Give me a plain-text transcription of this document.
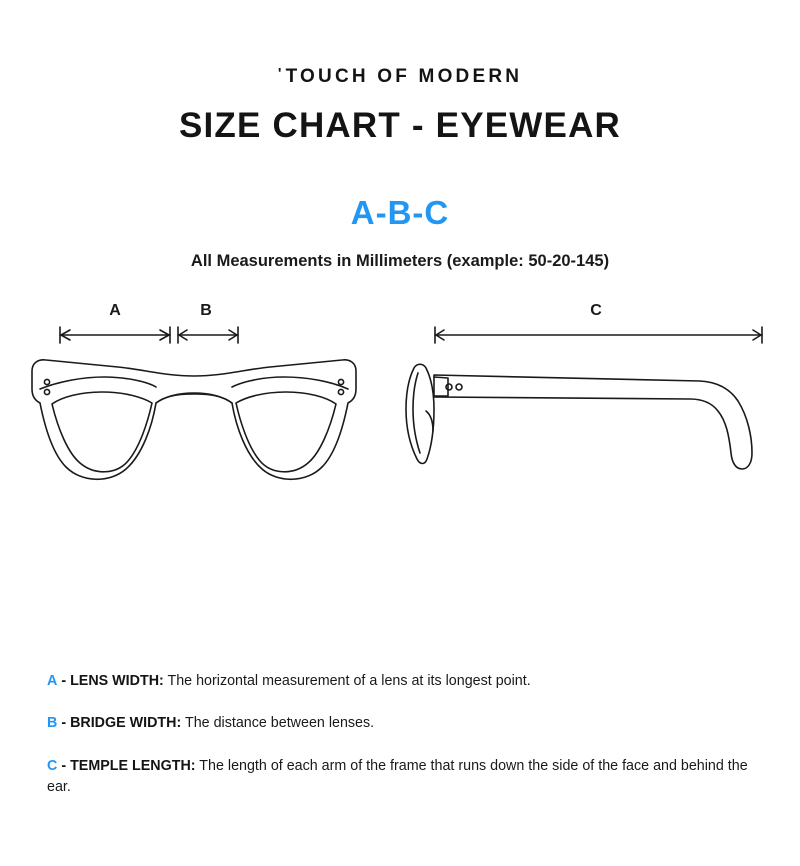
'TOUCH OF MODERN
SIZE CHART - EYEWEAR
A-B-C
All Measurements in Millimeters (example: 50-20-145)
A	B	C
A - LENS WIDTH: The horizontal measurement of a lens at its longest point.
B - BRIDGE WIDTH: The distance between lenses.
C - TEMPLE LENGTH: The length of each arm of the frame that runs down the side of the face and behind the ear.
